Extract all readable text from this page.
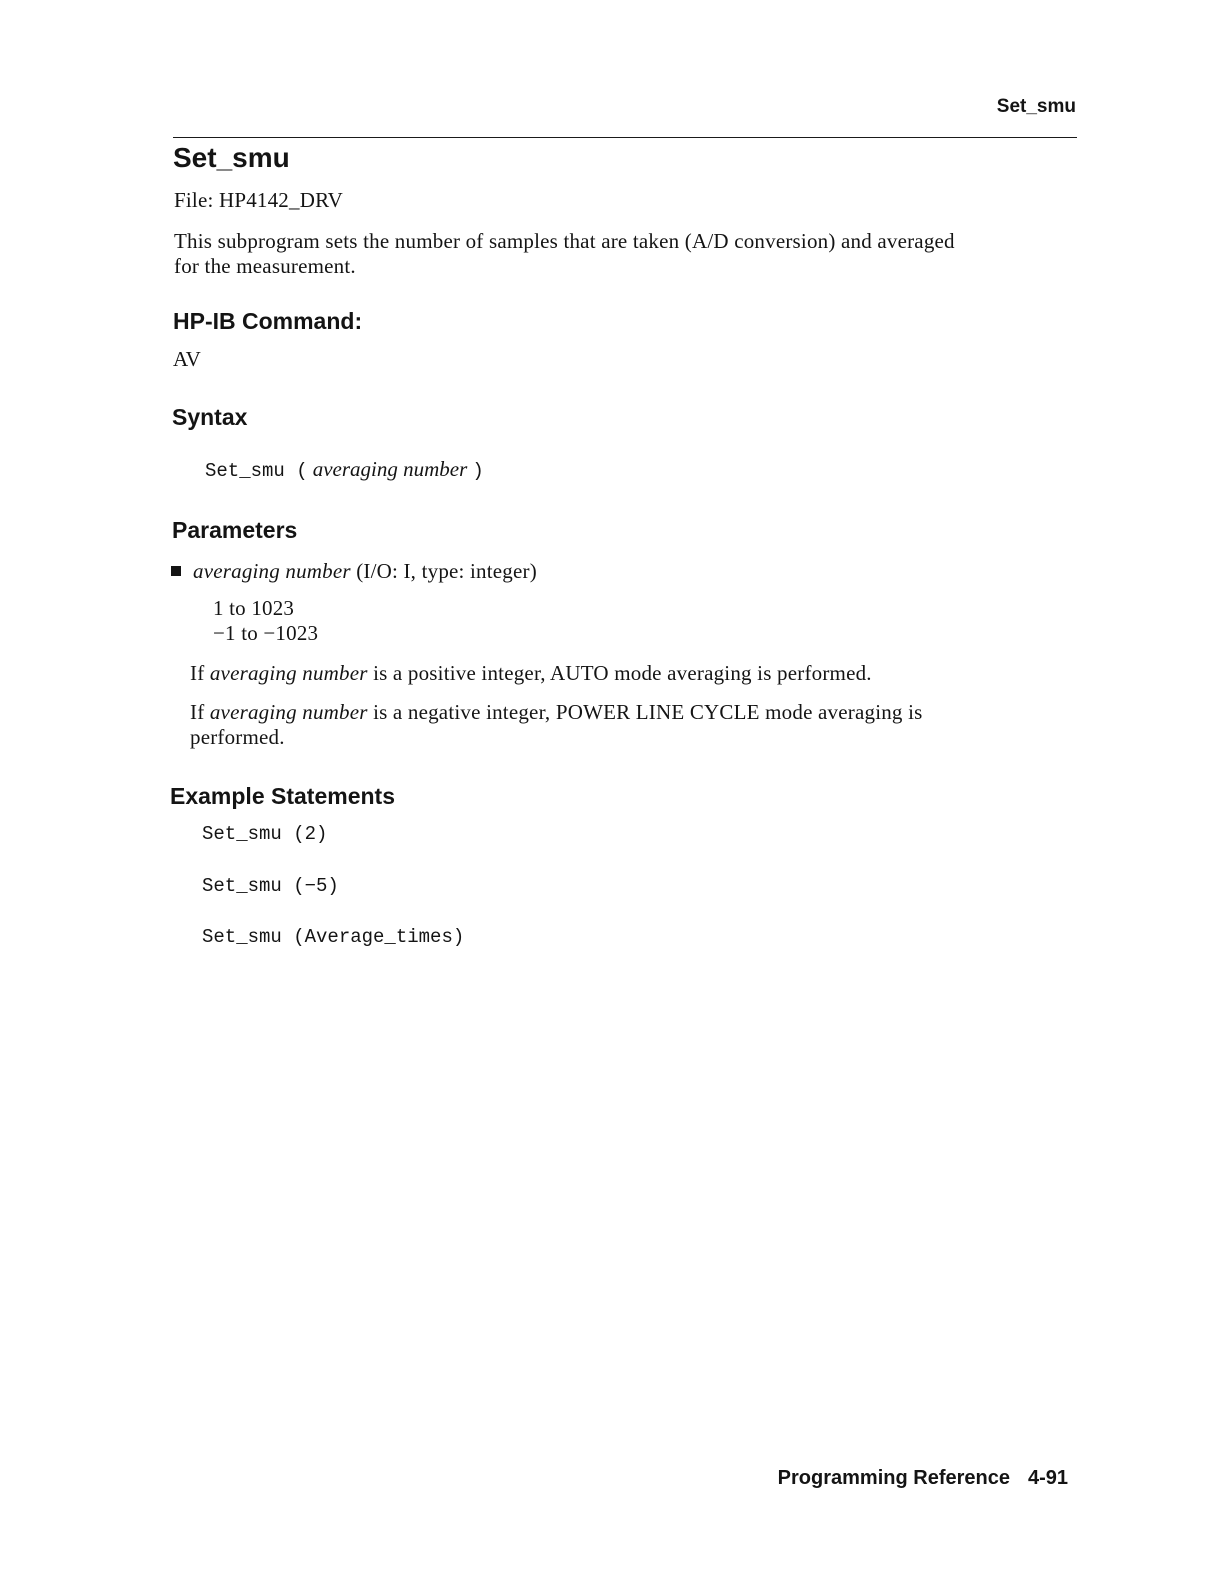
Set_smu
Set_smu
File: HP4142_DRV
This subprogram sets the number of samples that are taken (A/D conversion) and averaged
for the measurement.
HP-IB Command:
AV
Syntax
Set_smu ( averaging number )
Parameters
averaging number (I/O: I, type: integer)
1 to 1023
−1 to −1023
If averaging number is a positive integer, AUTO mode averaging is performed.
If averaging number is a negative integer, POWER LINE CYCLE mode averaging is
performed.
Example Statements
Set_smu (2)
Set_smu (−5)
Set_smu (Average_times)
Programming Reference 4-91
